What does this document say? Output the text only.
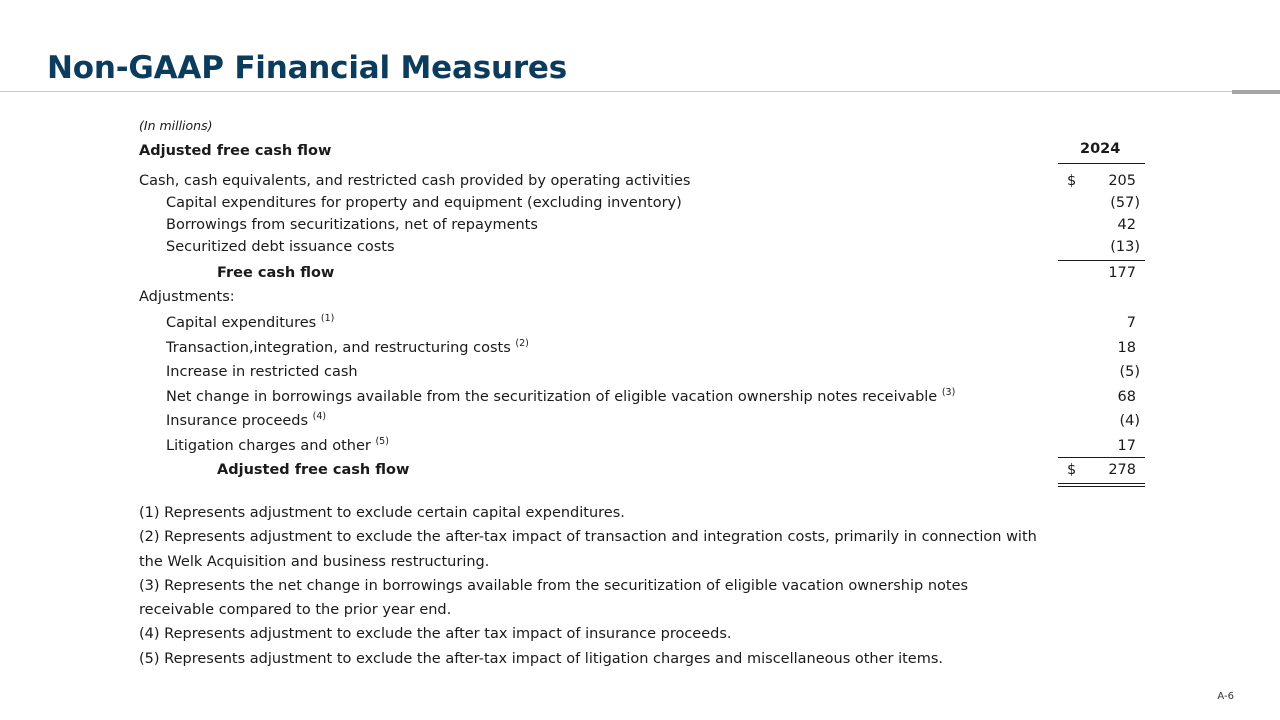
Non-GAAP Financial Measures
(In millions)
Adjusted free cash flow	2024
Cash, cash equivalents, and restricted cash provided by operating activities	$ 205
Capital expenditures for property and equipment (excluding inventory)	(57)
Borrowings from securitizations, net of repayments	42
Securitized debt issuance costs	(13)
Free cash flow	177
Adjustments:
Capital expenditures $^{(1)}$	7
Transaction,integration, and restructuring costs $^{(2)}$	18
Increase in restricted cash	(5)
Net change in borrowings available from the securitization of eligible vacation ownership notes receivable $^{(3)}$	68
Insurance proceeds $^{(4)}$	(4)
Litigation charges and other $^{(5)}$	17
Adjusted free cash flow	$ 278
(1) Represents adjustment to exclude certain capital expenditures.
(2) Represents adjustment to exclude the after-tax impact of transaction and integration costs, primarily in connection with
the Welk Acquisition and business restructuring.
(3) Represents the net change in borrowings available from the securitization of eligible vacation ownership notes
receivable compared to the prior year end.
(4) Represents adjustment to exclude the after tax impact of insurance proceeds.
(5) Represents adjustment to exclude the after-tax impact of litigation charges and miscellaneous other items.
A-6
